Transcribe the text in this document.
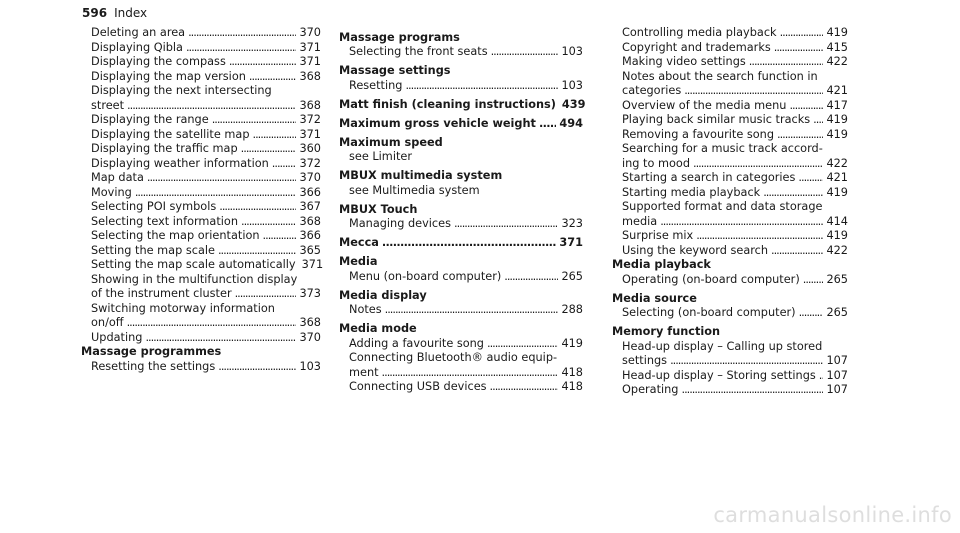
596 Index
Deleting an area . . .	370
Displaying Qibla . . .	371
Displaying the compass . . .	371
Displaying the map version . . .	368
Displaying the next intersecting
street . . .	368
Displaying the range . . .	372
Displaying the satellite map . . .	371
Displaying the traffic map . . .	360
Displaying weather information . . .	372
Map data . . .	370
Moving . . .	366
Selecting POI symbols . . .	367
Selecting text information . . .	368
Selecting the map orientation . . .	366
Setting the map scale . . .	365
Setting the map scale automatically 371
Showing in the multifunction display
of the instrument cluster . . .	373
Switching motorway information
on/off . . .	368
Updating . . .	370
Massage programmes
Resetting the settings . . .	103
Massage programs
Selecting the front seats . . .	103
Massage settings
Resetting . . .	103
Matt finish (cleaning instructions) 439
Maximum gross vehicle weight . . . 494
Maximum speed
see Limiter
MBUX multimedia system
see Multimedia system
MBUX Touch
Managing devices . . .	323
Mecca . . .	371
Media
Menu (on-board computer) . . .	265
Media display
Notes . . .	288
Media mode
Adding a favourite song . . .	419
Connecting Bluetooth® audio equip-
ment . . .	418
Connecting USB devices . . .	418
Controlling media playback . . .	419
Copyright and trademarks . . .	415
Making video settings . . .	422
Notes about the search function in
categories . . .	421
Overview of the media menu . . .	417
Playing back similar music tracks . . . 419
Removing a favourite song . . .	419
Searching for a music track accord-
ing to mood . . .	422
Starting a search in categories . . .	421
Starting media playback . . .	419
Supported format and data storage
media . . .	414
Surprise mix . . .	419
Using the keyword search . . .	422
Media playback
Operating (on-board computer) . . . 265
Media source
Selecting (on-board computer) . . .	265
Memory function
Head-up display – Calling up stored
settings . . .	107
Head-up display – Storing settings . . . 107
Operating . . .	107
carmanualsonline.info
